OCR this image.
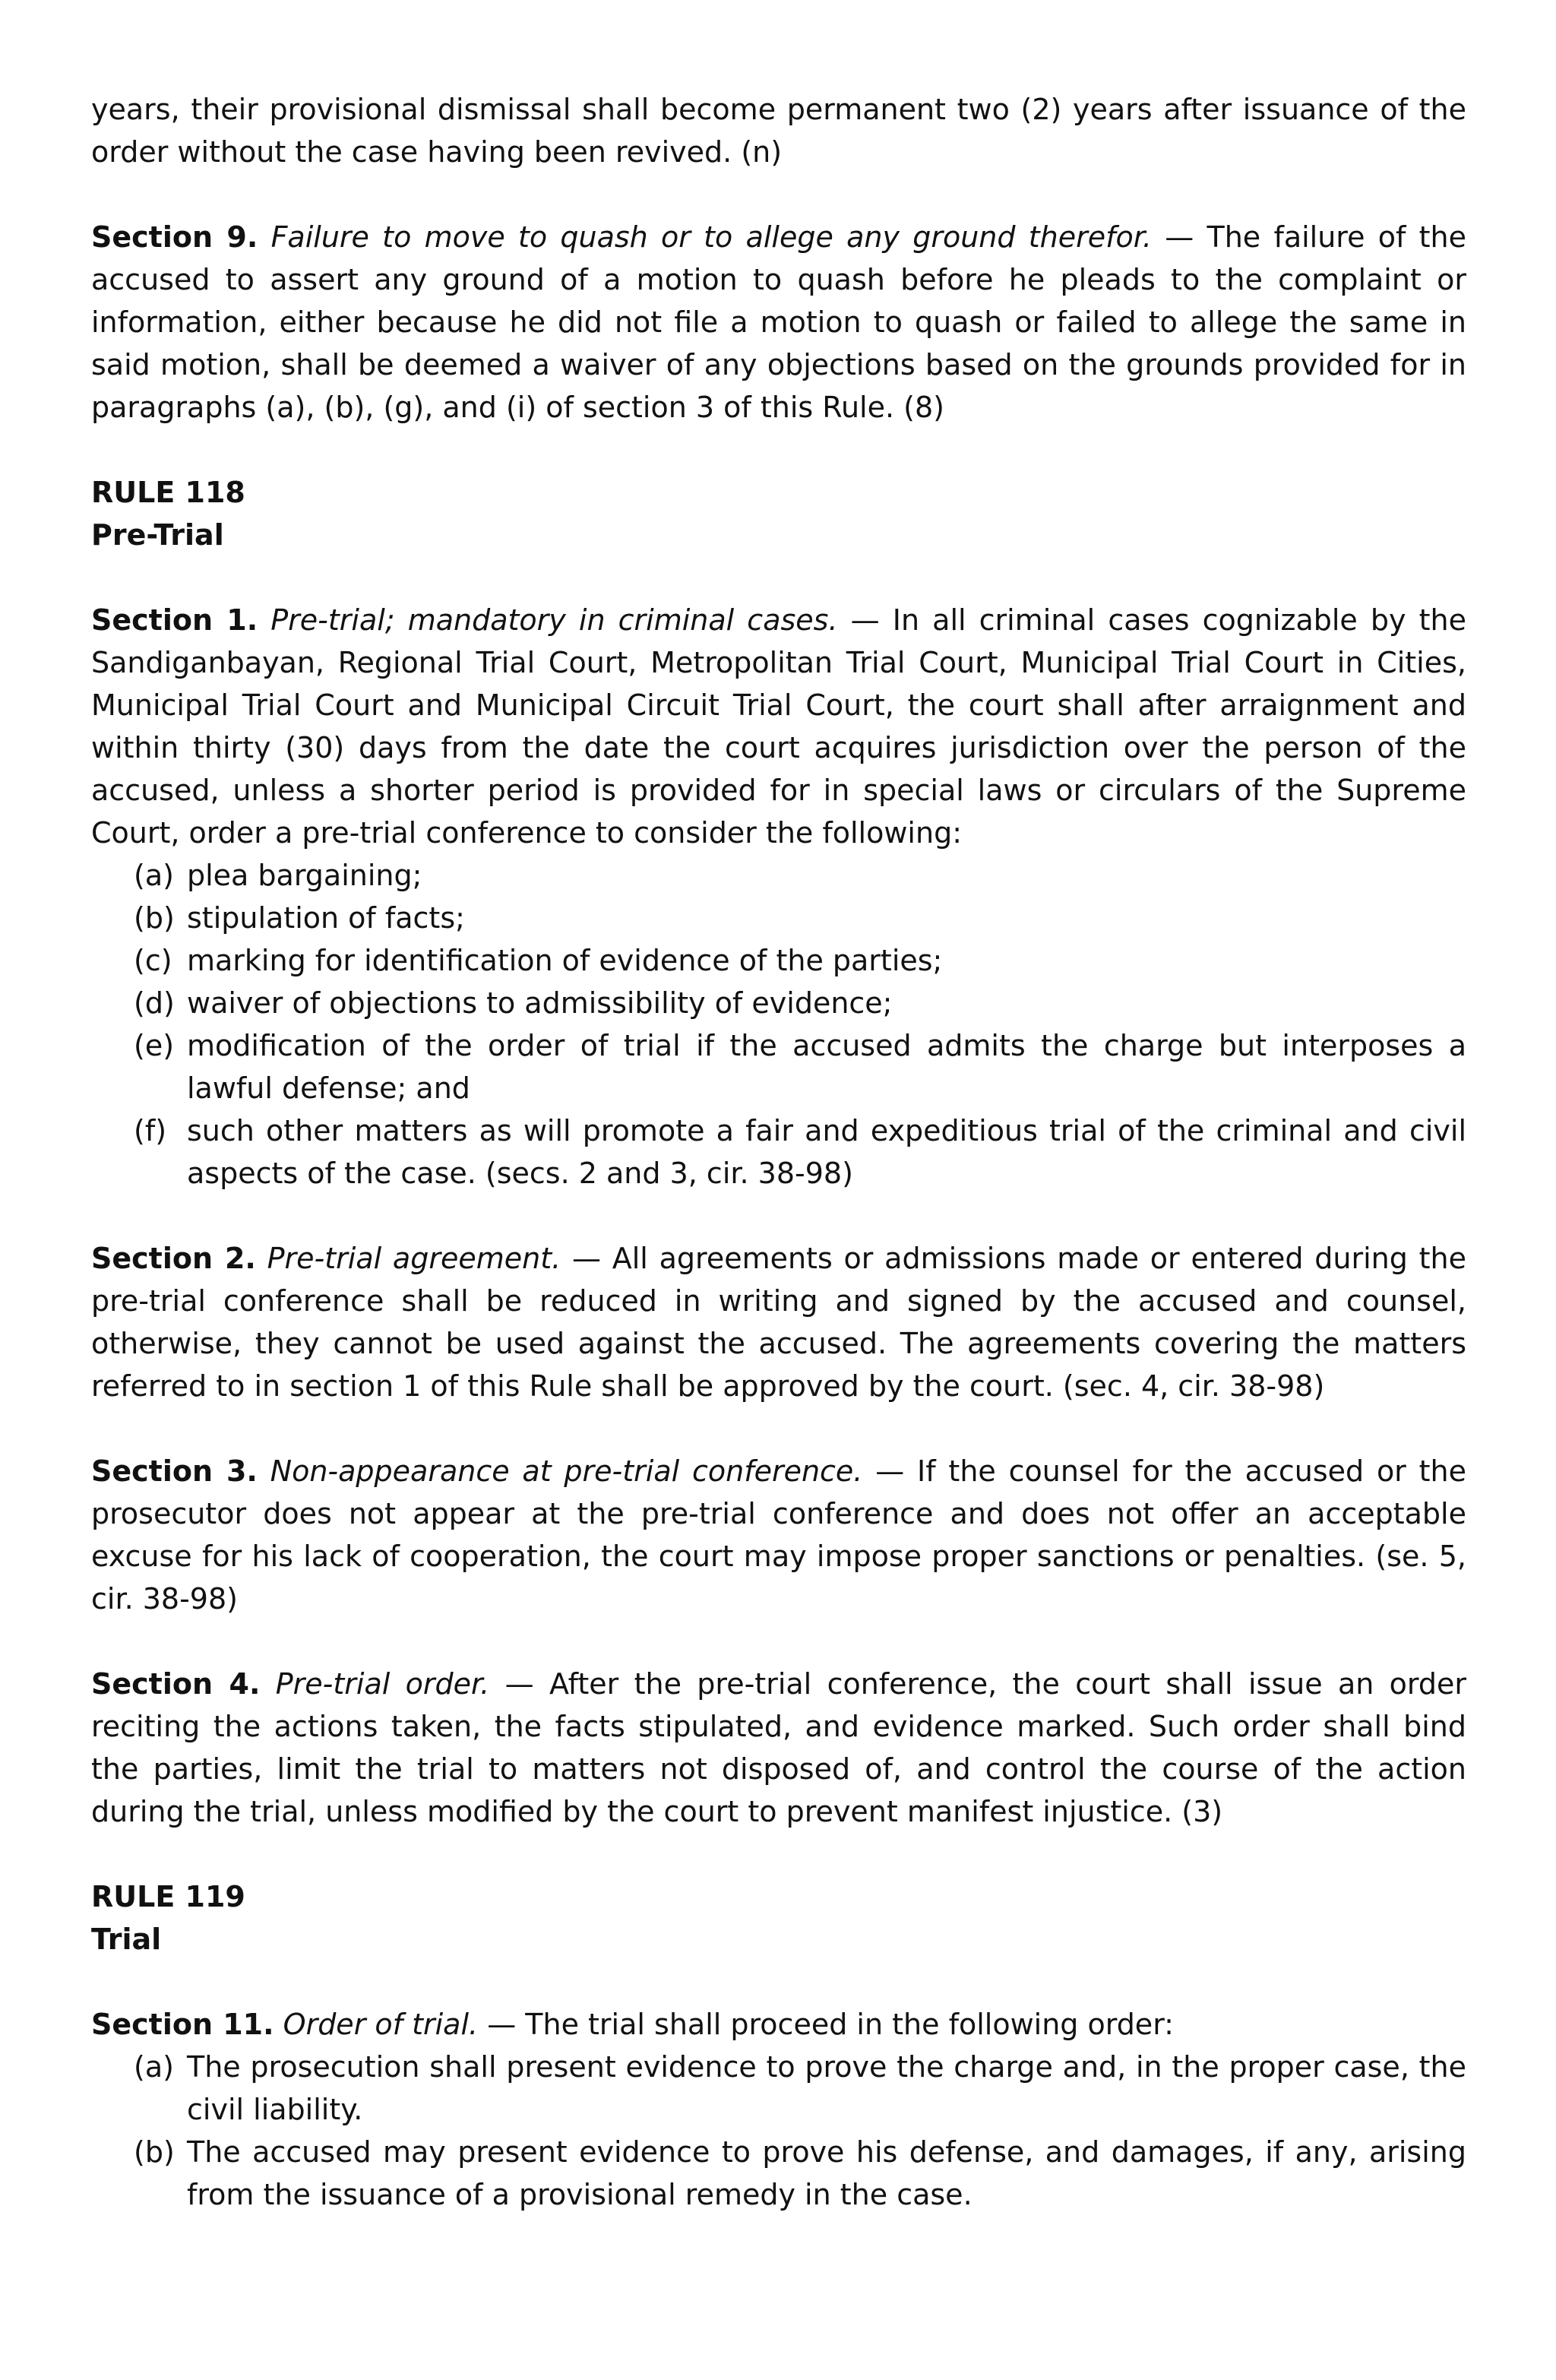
years, their provisional dismissal shall become permanent two (2) years after issuance of the order without the case having been revived. (n)

Section 9. Failure to move to quash or to allege any ground therefor. — The failure of the accused to assert any ground of a motion to quash before he pleads to the complaint or information, either because he did not file a motion to quash or failed to allege the same in said motion, shall be deemed a waiver of any objections based on the grounds provided for in paragraphs (a), (b), (g), and (i) of section 3 of this Rule. (8)

RULE 118

Pre-Trial

Section 1. Pre-trial; mandatory in criminal cases. — In all criminal cases cognizable by the Sandiganbayan, Regional Trial Court, Metropolitan Trial Court, Municipal Trial Court in Cities, Municipal Trial Court and Municipal Circuit Trial Court, the court shall after arraignment and within thirty (30) days from the date the court acquires jurisdiction over the person of the accused, unless a shorter period is provided for in special laws or circulars of the Supreme Court, order a pre-trial conference to consider the following:

(a) plea bargaining;
(b) stipulation of facts;
(c) marking for identification of evidence of the parties;
(d) waiver of objections to admissibility of evidence;
(e) modification of the order of trial if the accused admits the charge but interposes a lawful defense; and
(f) such other matters as will promote a fair and expeditious trial of the criminal and civil aspects of the case. (secs. 2 and 3, cir. 38-98)

Section 2. Pre-trial agreement. — All agreements or admissions made or entered during the pre-trial conference shall be reduced in writing and signed by the accused and counsel, otherwise, they cannot be used against the accused. The agreements covering the matters referred to in section 1 of this Rule shall be approved by the court. (sec. 4, cir. 38-98)

Section 3. Non-appearance at pre-trial conference. — If the counsel for the accused or the prosecutor does not appear at the pre-trial conference and does not offer an acceptable excuse for his lack of cooperation, the court may impose proper sanctions or penalties. (se. 5, cir. 38-98)

Section 4. Pre-trial order. — After the pre-trial conference, the court shall issue an order reciting the actions taken, the facts stipulated, and evidence marked. Such order shall bind the parties, limit the trial to matters not disposed of, and control the course of the action during the trial, unless modified by the court to prevent manifest injustice. (3)

RULE 119

Trial

Section 11. Order of trial. — The trial shall proceed in the following order:

(a) The prosecution shall present evidence to prove the charge and, in the proper case, the civil liability.
(b) The accused may present evidence to prove his defense, and damages, if any, arising from the issuance of a provisional remedy in the case.
